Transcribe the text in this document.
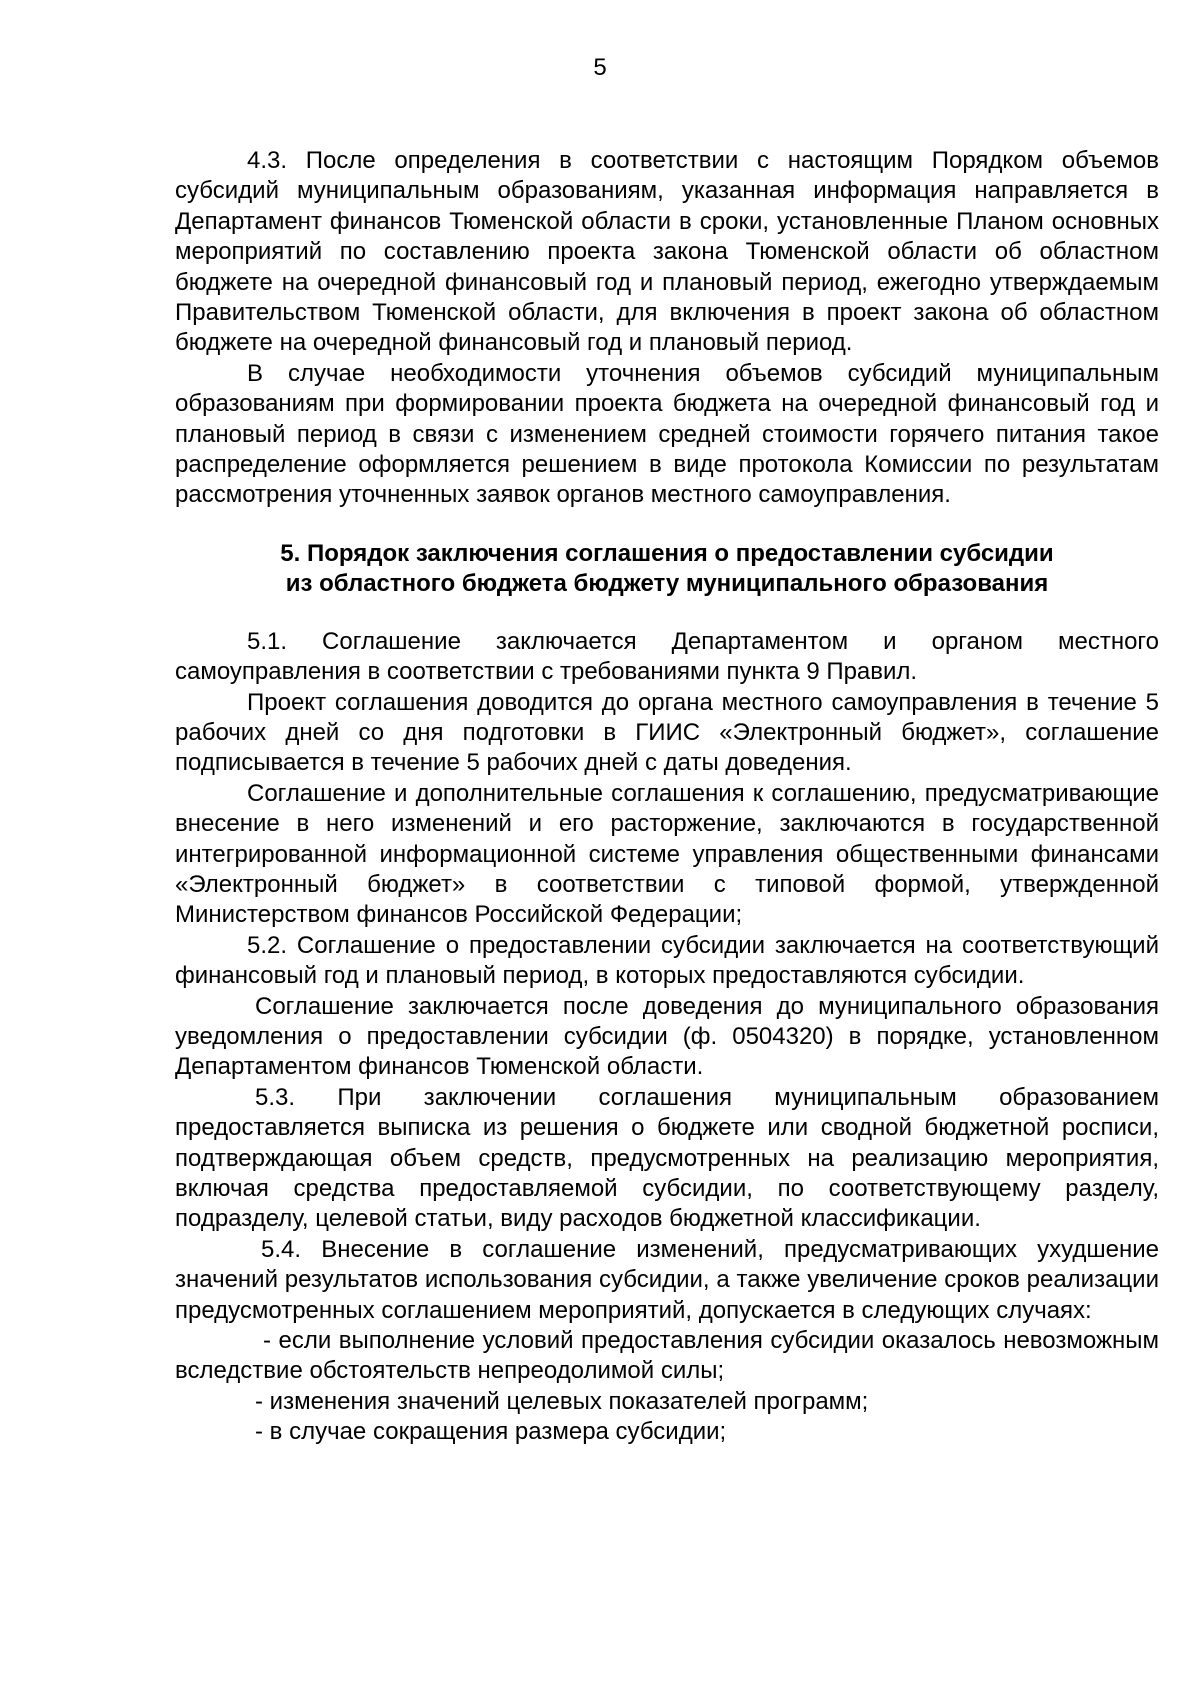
5

4.3. После определения в соответствии с настоящим Порядком объемов субсидий муниципальным образованиям, указанная информация направляется в Департамент финансов Тюменской области в сроки, установленные Планом основных мероприятий по составлению проекта закона Тюменской области об областном бюджете на очередной финансовый год и плановый период, ежегодно утверждаемым Правительством Тюменской области, для включения в проект закона об областном бюджете на очередной финансовый год и плановый период.

В случае необходимости уточнения объемов субсидий муниципальным образованиям при формировании проекта бюджета на очередной финансовый год и плановый период в связи с изменением средней стоимости горячего питания такое распределение оформляется решением в виде протокола Комиссии по результатам рассмотрения уточненных заявок органов местного самоуправления.

5. Порядок заключения соглашения о предоставлении субсидии
из областного бюджета бюджету муниципального образования

5.1. Соглашение заключается Департаментом и органом местного самоуправления в соответствии с требованиями пункта 9 Правил.

Проект соглашения доводится до органа местного самоуправления в течение 5 рабочих дней со дня подготовки в ГИИС «Электронный бюджет», соглашение подписывается в течение 5 рабочих дней с даты доведения.

Соглашение и дополнительные соглашения к соглашению, предусматривающие внесение в него изменений и его расторжение, заключаются в государственной интегрированной информационной системе управления общественными финансами «Электронный бюджет» в соответствии с типовой формой, утвержденной Министерством финансов Российской Федерации;

5.2. Соглашение о предоставлении субсидии заключается на соответствующий финансовый год и плановый период, в которых предоставляются субсидии.

Соглашение заключается после доведения до муниципального образования уведомления о предоставлении субсидии (ф. 0504320) в порядке, установленном Департаментом финансов Тюменской области.

5.3. При заключении соглашения муниципальным образованием предоставляется выписка из решения о бюджете или сводной бюджетной росписи, подтверждающая объем средств, предусмотренных на реализацию мероприятия, включая средства предоставляемой субсидии, по соответствующему разделу, подразделу, целевой статьи, виду расходов бюджетной классификации.

5.4. Внесение в соглашение изменений, предусматривающих ухудшение значений результатов использования субсидии, а также увеличение сроков реализации предусмотренных соглашением мероприятий, допускается в следующих случаях:

- если выполнение условий предоставления субсидии оказалось невозможным вследствие обстоятельств непреодолимой силы;

- изменения значений целевых показателей программ;

- в случае сокращения размера субсидии;
